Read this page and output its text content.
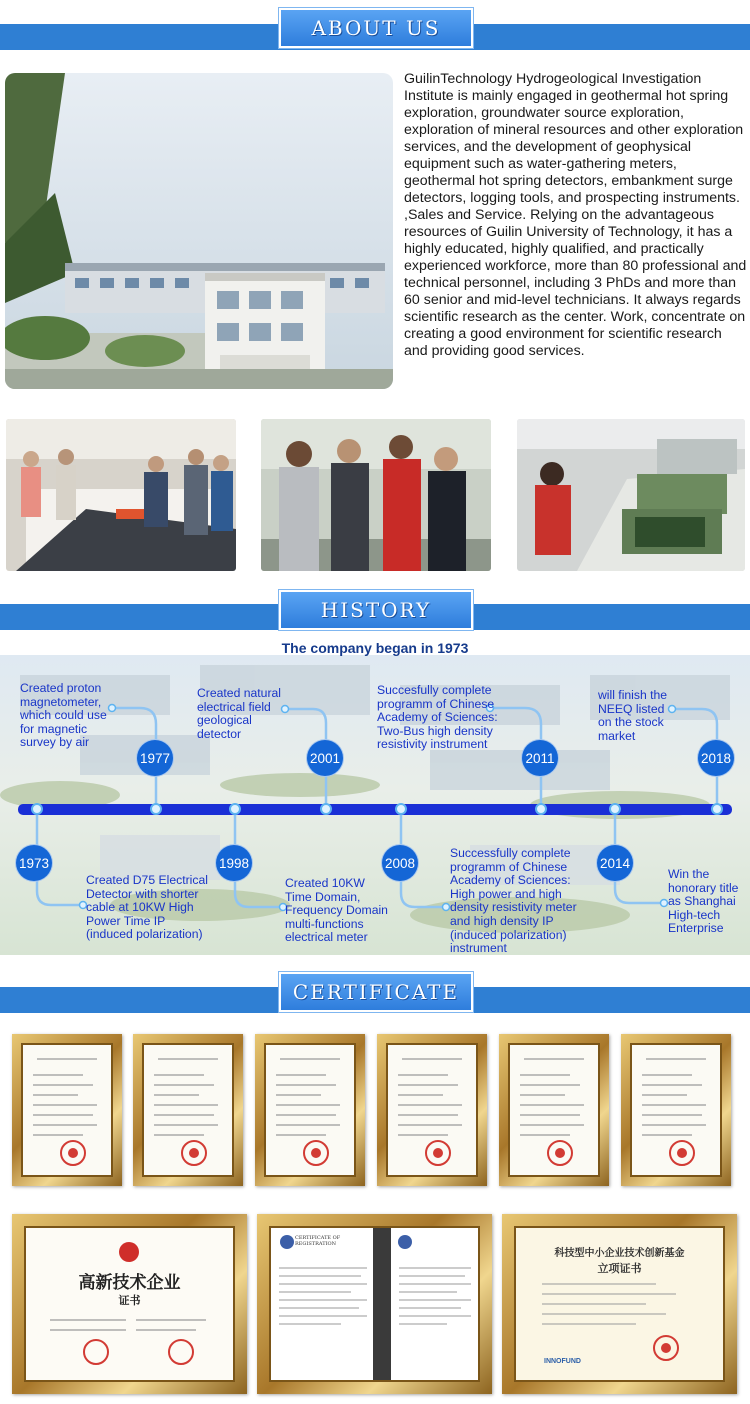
ABOUT US
GuilinTechnology Hydrogeological Investigation Institute is mainly engaged in geothermal hot spring exploration, groundwater source exploration, exploration of mineral resources and other exploration services, and the development of geophysical equipment such as water-gathering meters, geothermal hot spring detectors, embankment surge detectors, logging tools, and prospecting instruments. ,Sales and Service. Relying on the advantageous resources of Guilin University of Technology, it has a highly educated, highly qualified, and practically experienced workforce, more than 80 professional and technical personnel, including 3 PhDs and more than 60 senior and mid-level technicians. It always regards scientific research as the center. Work, concentrate on creating a good environment for scientific research and providing good services.
HISTORY
The company began in 1973
1977	2001	2011	2018
1973	1998	2008	2014
Created proton magnetometer, which could use for magnetic survey by air
Created natural electrical field geological detector
Succesfully complete programm of Chinese Academy of Sciences: Two-Bus high density resistivity instrument
will finish the NEEQ listed on the stock market
Created D75 Electrical Detector with shorter cable at 10KW High Power Time IP (induced polarization)
Created 10KW Time Domain, Frequency Domain multi-functions electrical meter
Successfully complete programm of Chinese Academy of Sciences: High power and high density resistivity meter and high density IP (induced polarization) instrument
Win the honorary title as Shanghai High-tech Enterprise
CERTIFICATE
高新技术企业
证书
CERTIFICATE OF REGISTRATION
科技型中小企业技术创新基金
立项证书
INNOFUND
